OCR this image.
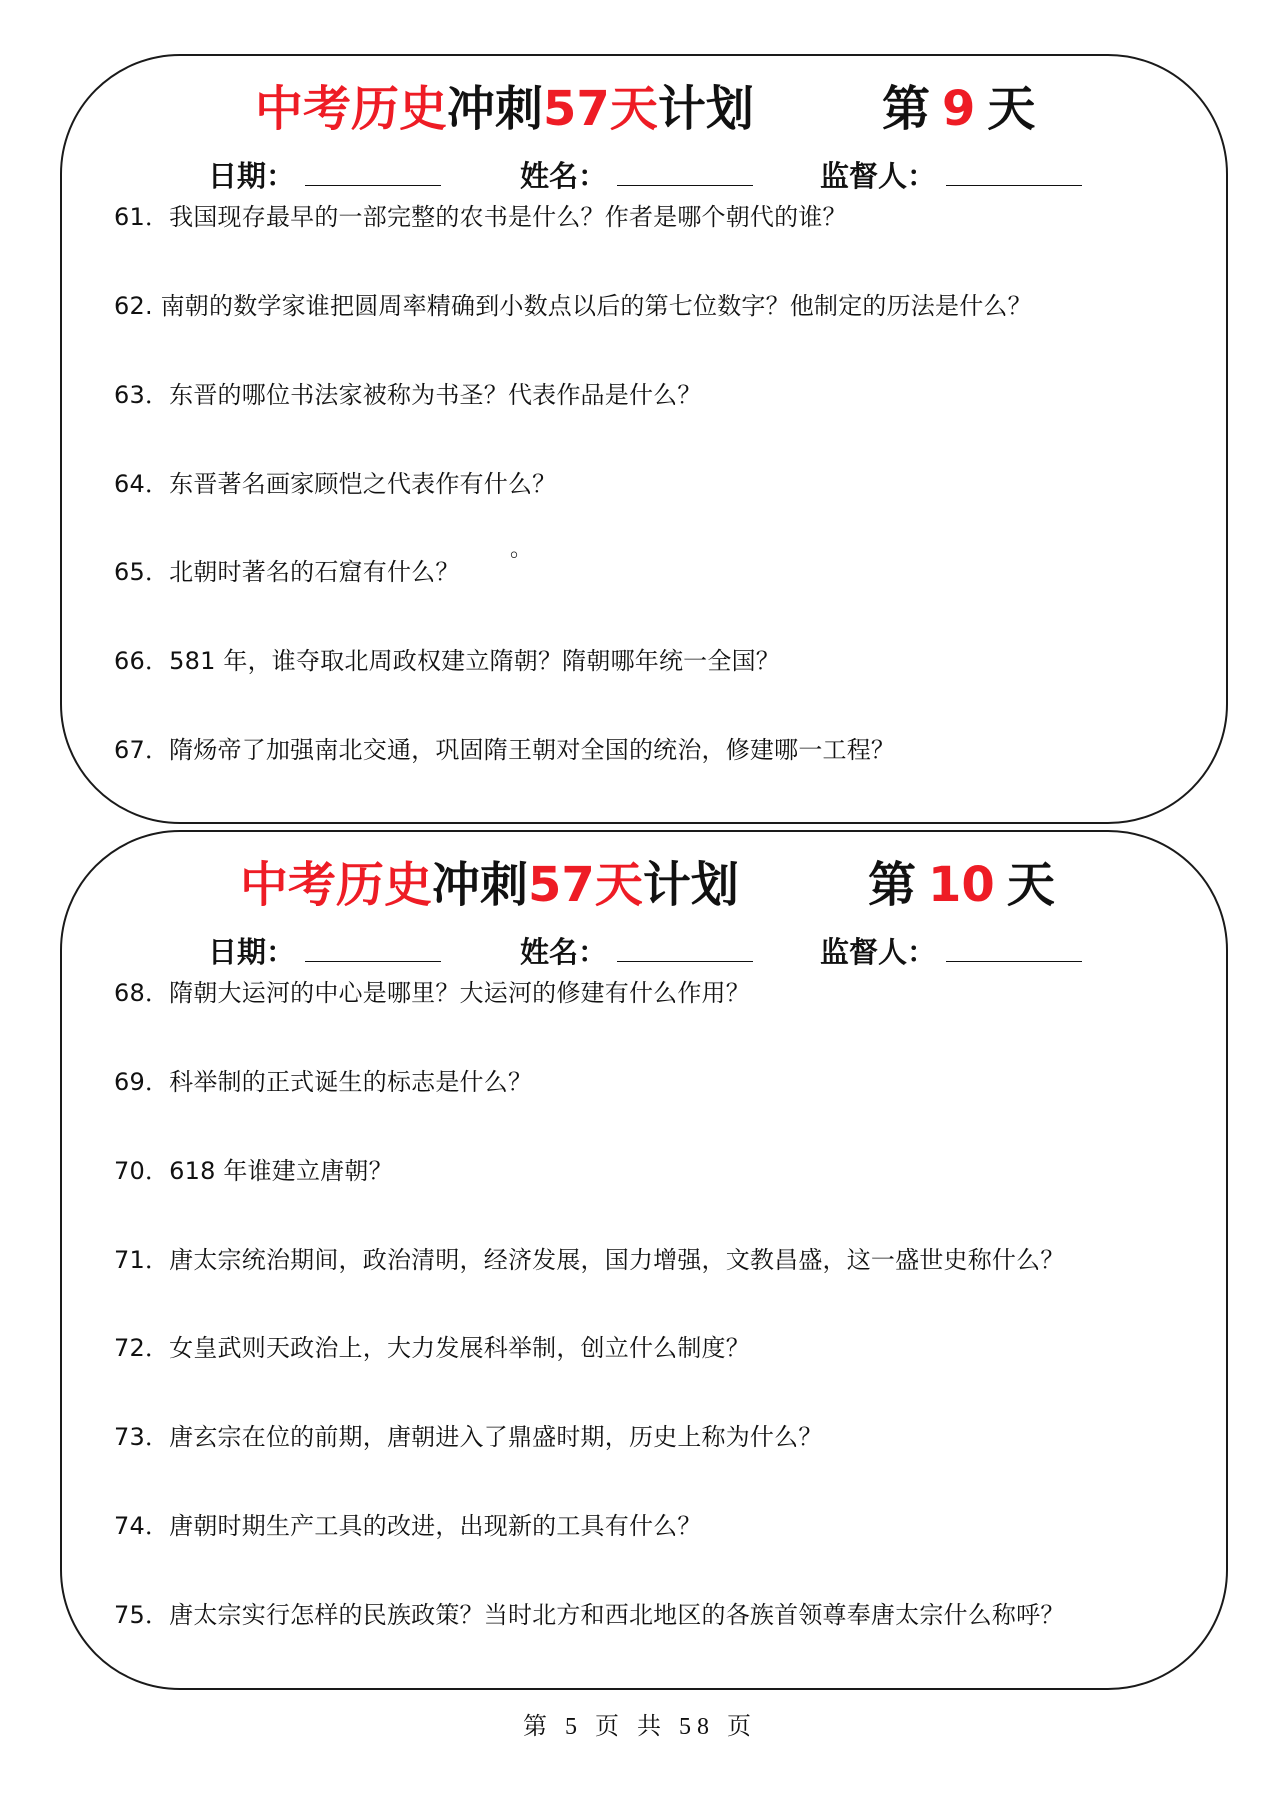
中考历史冲刺57天计划	第 9 天
日期：	姓名：	监督人：
61．我国现存最早的一部完整的农书是什么？作者是哪个朝代的谁？
62. 南朝的数学家谁把圆周率精确到小数点以后的第七位数字？他制定的历法是什么？
63．东晋的哪位书法家被称为书圣？代表作品是什么？
64．东晋著名画家顾恺之代表作有什么？
。
65．北朝时著名的石窟有什么？
66．581 年，谁夺取北周政权建立隋朝？隋朝哪年统一全国？
67．隋炀帝了加强南北交通，巩固隋王朝对全国的统治，修建哪一工程？
中考历史冲刺57天计划	第 10 天
日期：	姓名：	监督人：
68．隋朝大运河的中心是哪里？大运河的修建有什么作用？
69．科举制的正式诞生的标志是什么？
70．618 年谁建立唐朝？
71．唐太宗统治期间，政治清明，经济发展，国力增强，文教昌盛，这一盛世史称什么？
72．女皇武则天政治上，大力发展科举制，创立什么制度？
73．唐玄宗在位的前期，唐朝进入了鼎盛时期，历史上称为什么？
74．唐朝时期生产工具的改进，出现新的工具有什么？
75．唐太宗实行怎样的民族政策？当时北方和西北地区的各族首领尊奉唐太宗什么称呼？
第 5 页 共 58 页
